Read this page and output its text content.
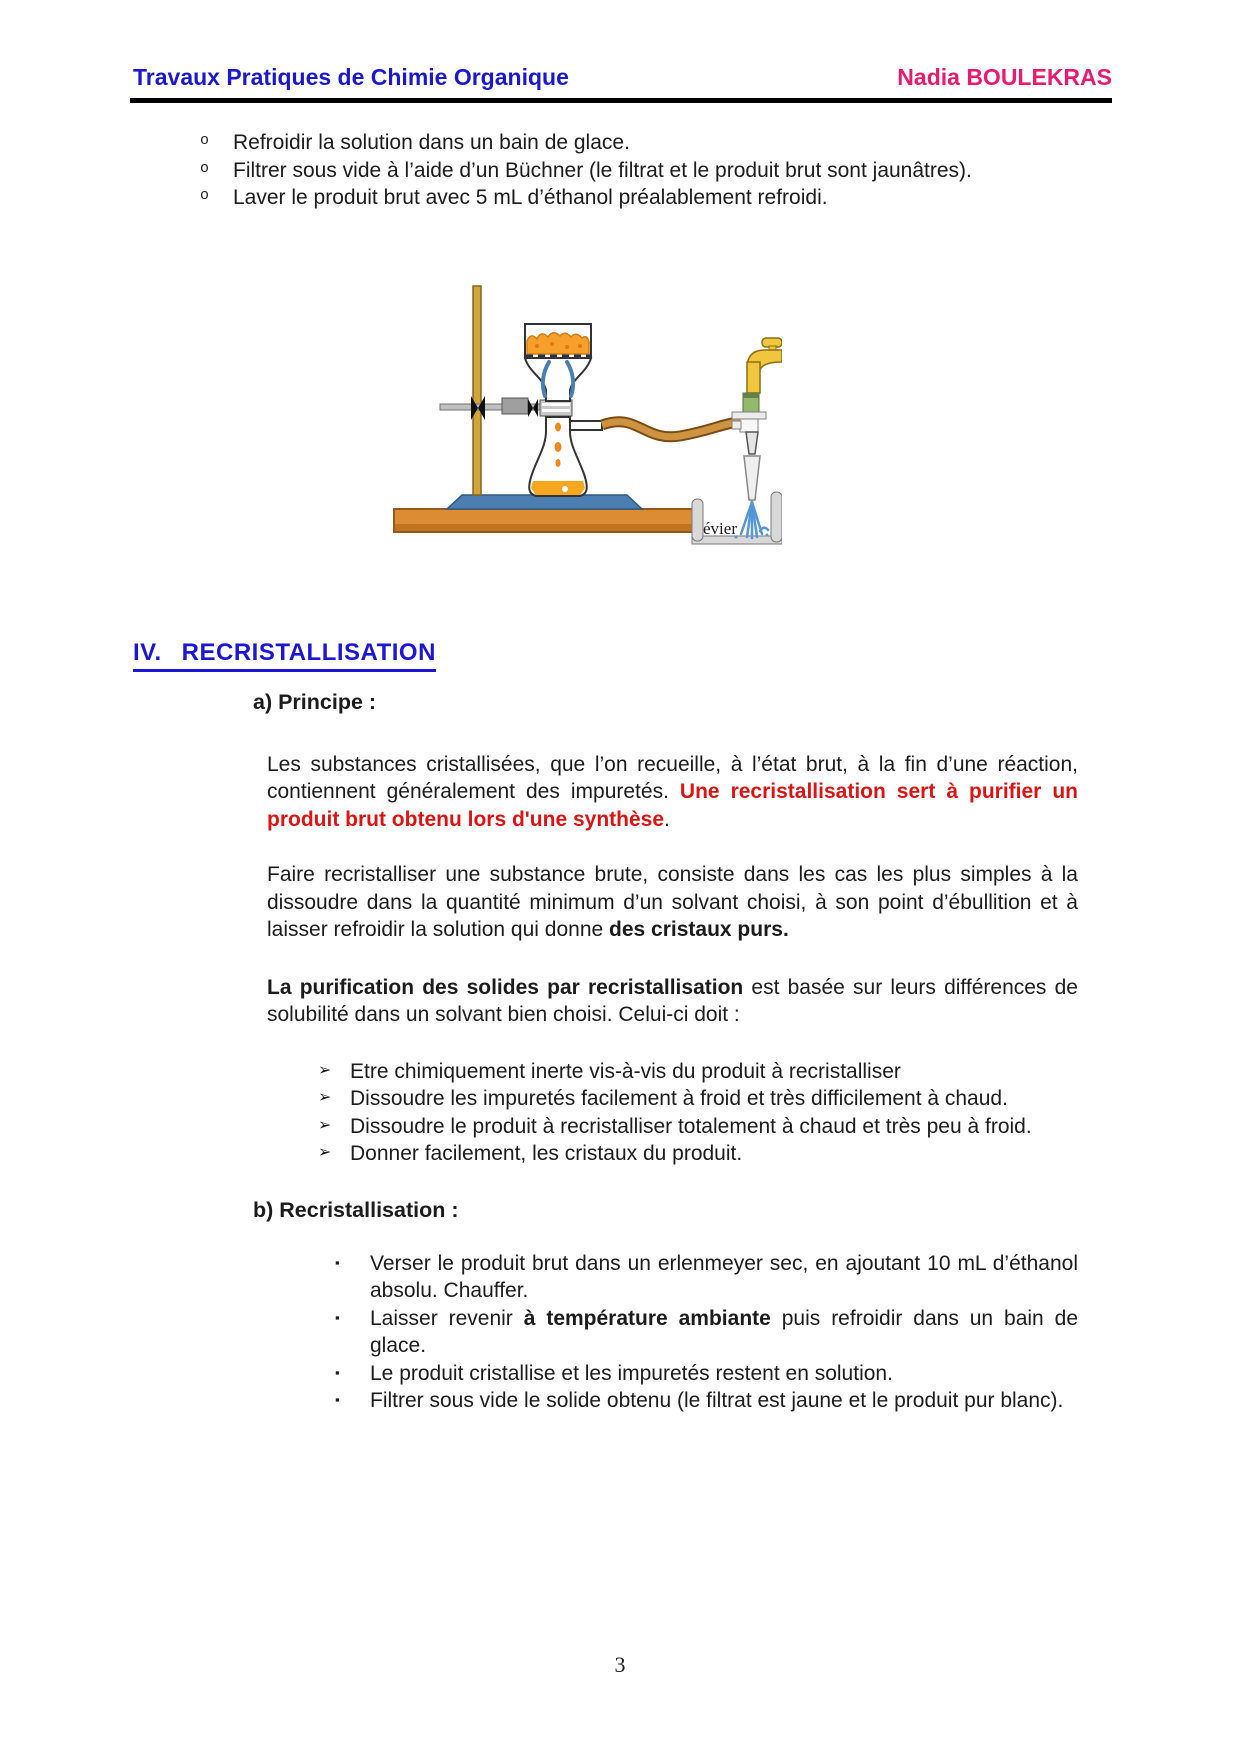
Travaux Pratiques de Chimie Organique	Nadia BOULEKRAS
o	Refroidir la solution dans un bain de glace.
o	Filtrer sous vide à l’aide d’un Büchner (le filtrat et le produit brut sont jaunâtres).
o	Laver le produit brut avec 5 mL d’éthanol préalablement refroidi.
évier
IV. RECRISTALLISATION
a) Principe :

Les substances cristallisées, que l’on recueille, à l’état brut, à la fin d’une réaction, contiennent généralement des impuretés. Une recristallisation sert à purifier un produit brut obtenu lors d'une synthèse.

Faire recristalliser une substance brute, consiste dans les cas les plus simples à la dissoudre dans la quantité minimum d’un solvant choisi, à son point d’ébullition et à laisser refroidir la solution qui donne des cristaux purs.

La purification des solides par recristallisation est basée sur leurs différences de solubilité dans un solvant bien choisi. Celui-ci doit :

➢ Etre chimiquement inerte vis-à-vis du produit à recristalliser
➢ Dissoudre les impuretés facilement à froid et très difficilement à chaud.
➢ Dissoudre le produit à recristalliser totalement à chaud et très peu à froid.
➢ Donner facilement, les cristaux du produit.
b) Recristallisation :
▪	Verser le produit brut dans un erlenmeyer sec, en ajoutant 10 mL d’éthanol absolu. Chauffer.
▪	Laisser revenir à température ambiante puis refroidir dans un bain de glace.
▪	Le produit cristallise et les impuretés restent en solution.
▪	Filtrer sous vide le solide obtenu (le filtrat est jaune et le produit pur blanc).
3
